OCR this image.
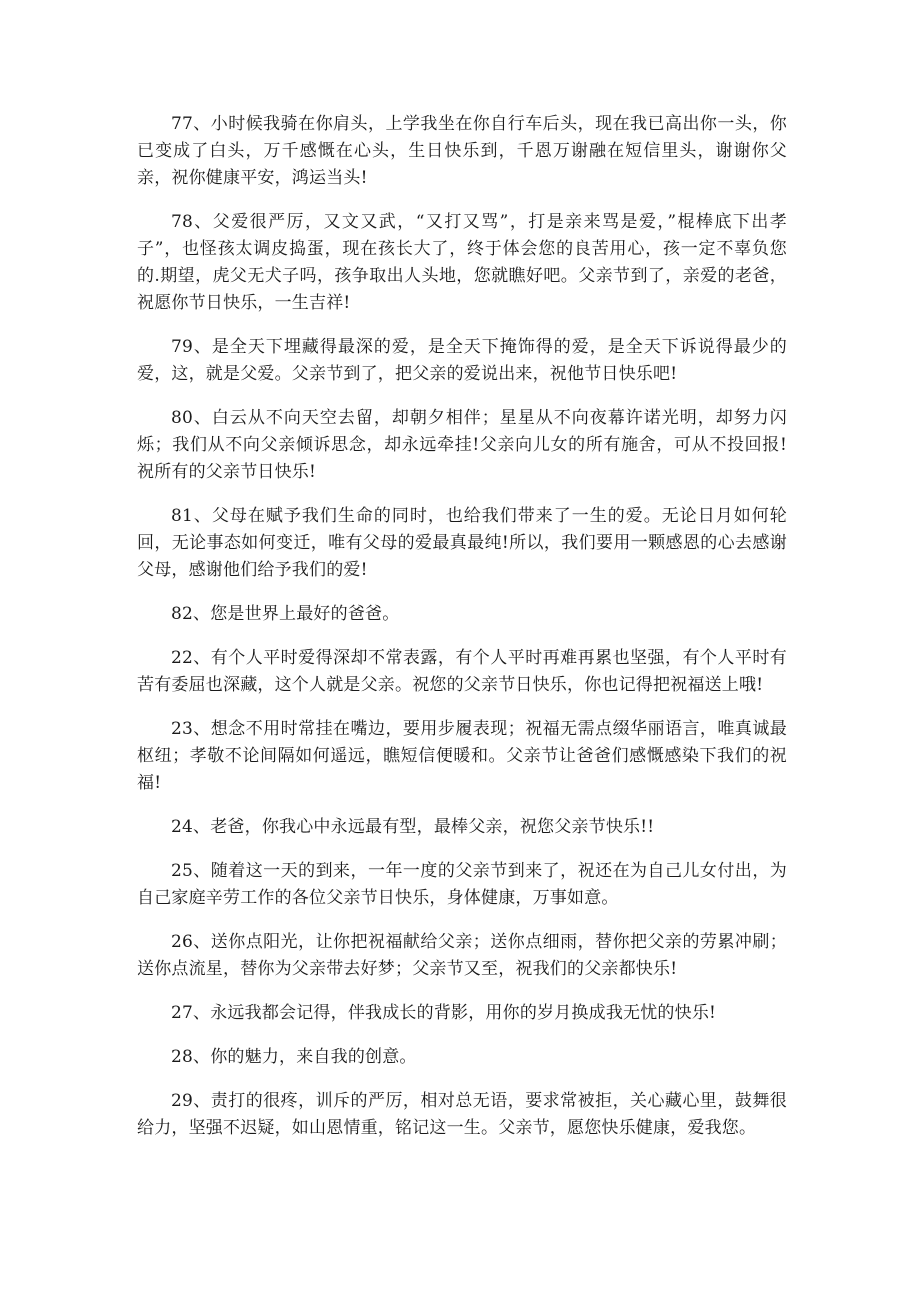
77、小时候我骑在你肩头，上学我坐在你自行车后头，现在我已高出你一头，你已变成了白头，万千感慨在心头，生日快乐到，千恩万谢融在短信里头，谢谢你父亲，祝你健康平安，鸿运当头!

78、父爱很严厉，又文又武，“又打又骂”，打是亲来骂是爱，”棍棒底下出孝子”，也怪孩太调皮捣蛋，现在孩长大了，终于体会您的良苦用心，孩一定不辜负您的.期望，虎父无犬子吗，孩争取出人头地，您就瞧好吧。父亲节到了，亲爱的老爸，祝愿你节日快乐，一生吉祥!

79、是全天下埋藏得最深的爱，是全天下掩饰得的爱，是全天下诉说得最少的爱，这，就是父爱。父亲节到了，把父亲的爱说出来，祝他节日快乐吧!

80、白云从不向天空去留，却朝夕相伴；星星从不向夜幕许诺光明，却努力闪烁；我们从不向父亲倾诉思念，却永远牵挂!父亲向儿女的所有施舍，可从不投回报!祝所有的父亲节日快乐!

81、父母在赋予我们生命的同时，也给我们带来了一生的爱。无论日月如何轮回，无论事态如何变迁，唯有父母的爱最真最纯!所以，我们要用一颗感恩的心去感谢父母，感谢他们给予我们的爱!

82、您是世界上最好的爸爸。

22、有个人平时爱得深却不常表露，有个人平时再难再累也坚强，有个人平时有苦有委屈也深藏，这个人就是父亲。祝您的父亲节日快乐，你也记得把祝福送上哦!

23、想念不用时常挂在嘴边，要用步履表现；祝福无需点缀华丽语言，唯真诚最枢纽；孝敬不论间隔如何遥远，瞧短信便暖和。父亲节让爸爸们感慨感染下我们的祝福!

24、老爸，你我心中永远最有型，最棒父亲，祝您父亲节快乐!!

25、随着这一天的到来，一年一度的父亲节到来了，祝还在为自己儿女付出，为自己家庭辛劳工作的各位父亲节日快乐，身体健康，万事如意。

26、送你点阳光，让你把祝福献给父亲；送你点细雨，替你把父亲的劳累冲刷；送你点流星，替你为父亲带去好梦；父亲节又至，祝我们的父亲都快乐!

27、永远我都会记得，伴我成长的背影，用你的岁月换成我无忧的快乐!

28、你的魅力，来自我的创意。

29、责打的很疼，训斥的严厉，相对总无语，要求常被拒，关心藏心里，鼓舞很给力，坚强不迟疑，如山恩情重，铭记这一生。父亲节，愿您快乐健康，爱我您。
